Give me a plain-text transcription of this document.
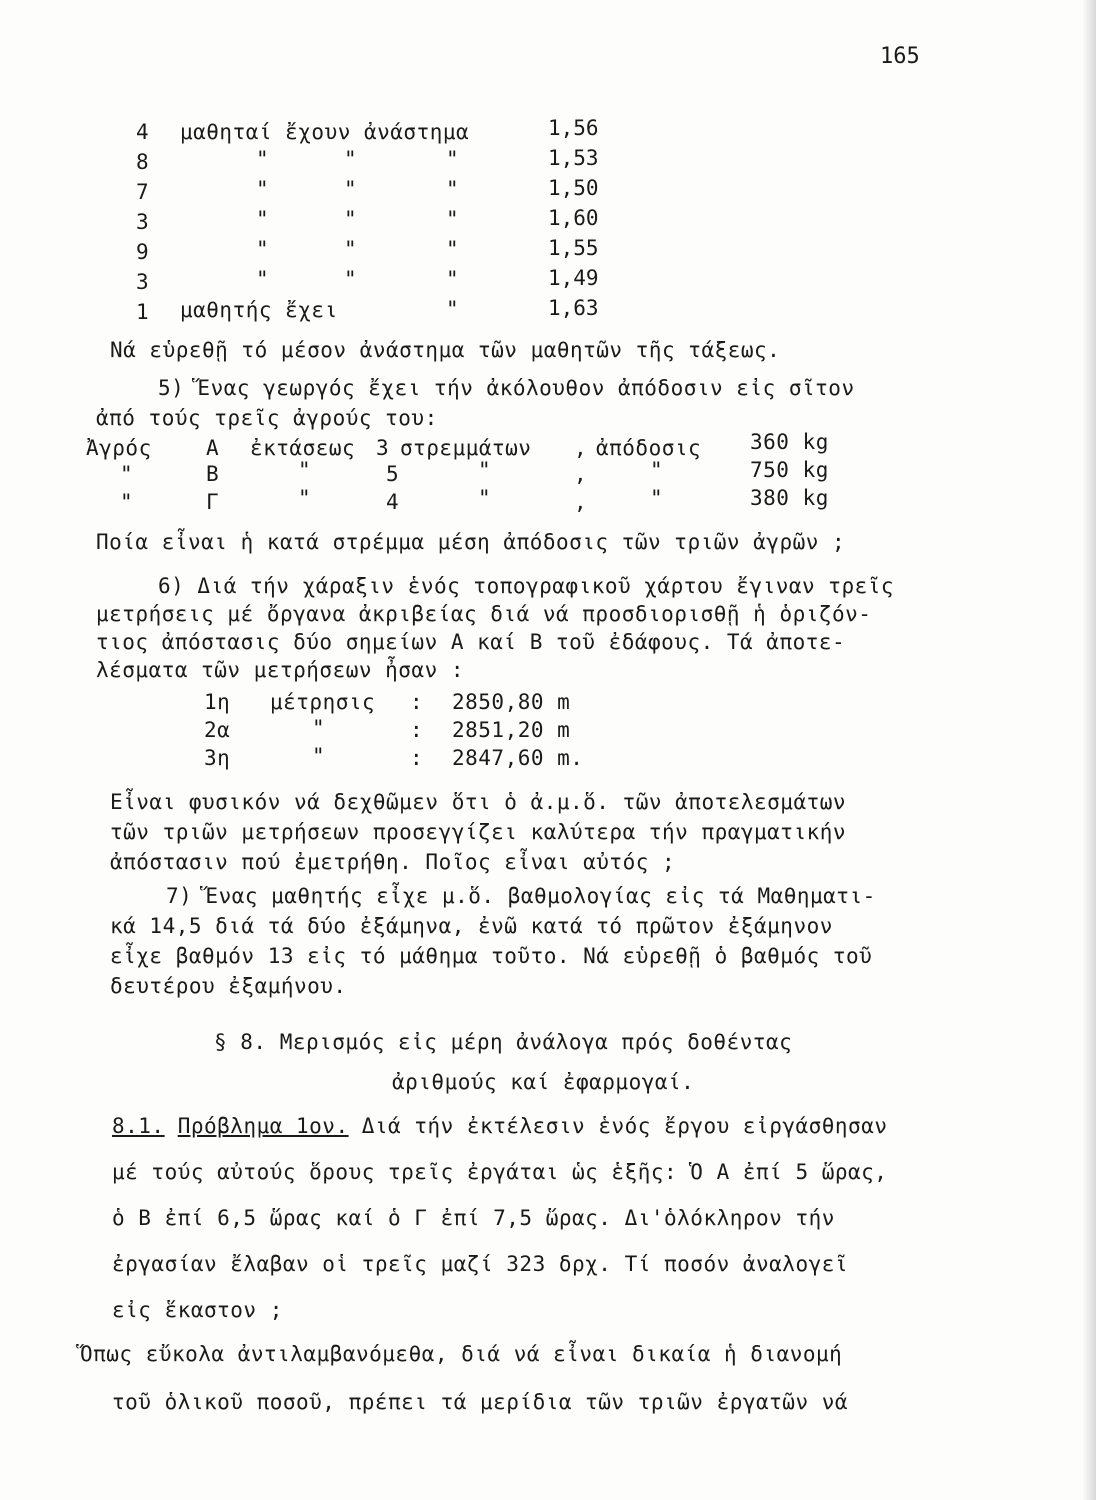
165
4 μαθηταί ἔχουν ἀνάστημα	1,56
8	"	"	"	1,53
7	"	"	"	1,50
3	"	"	"	1,60
9	"	"	"	1,55
3	"	"	"	1,49
1 μαθητής ἔχει	"	1,63
Νά εὑρεθῇ τό μέσον ἀνάστημα τῶν μαθητῶν τῆς τάξεως.
5) Ἕνας γεωργός ἔχει τήν ἀκόλουθον ἀπόδοσιν εἰς σῖτον
ἀπό τούς τρεῖς ἀγρούς του:
Ἀγρός	Α ἐκτάσεως 3 στρεμμάτων , ἀπόδοσις 360 kg
"	Β	"	5	"	,	"	750 kg
"	Γ	"	4	"	,	"	380 kg
Ποία εἶναι ἡ κατά στρέμμα μέση ἀπόδοσις τῶν τριῶν ἀγρῶν ;
6) Διά τήν χάραξιν ἑνός τοπογραφικοῦ χάρτου ἔγιναν τρεῖς
μετρήσεις μέ ὄργανα ἀκριβείας διά νά προσδιορισθῇ ἡ ὁριζόν-
τιος ἀπόστασις δύο σημείων Α καί Β τοῦ ἐδάφους. Τά ἀποτε-
λέσματα τῶν μετρήσεων ἦσαν :
1η μέτρησις : 2850,80 m
2α	"	: 2851,20 m
3η	"	: 2847,60 m.
Εἶναι φυσικόν νά δεχθῶμεν ὅτι ὁ ἀ.μ.ὅ. τῶν ἀποτελεσμάτων
τῶν τριῶν μετρήσεων προσεγγίζει καλύτερα τήν πραγματικήν
ἀπόστασιν πού ἐμετρήθη. Ποῖος εἶναι αὐτός ;
7) Ἕνας μαθητής εἶχε μ.ὅ. βαθμολογίας εἰς τά Μαθηματι-
κά 14,5 διά τά δύο ἐξάμηνα, ἐνῶ κατά τό πρῶτον ἐξάμηνον
εἶχε βαθμόν 13 εἰς τό μάθημα τοῦτο. Νά εὑρεθῇ ὁ βαθμός τοῦ
δευτέρου ἐξαμήνου.
§ 8. Μερισμός εἰς μέρη ἀνάλογα πρός δοθέντας
ἀριθμούς καί ἐφαρμογαί.
8.1. Πρόβλημα 1ον. Διά τήν ἐκτέλεσιν ἑνός ἔργου εἰργάσθησαν
μέ τούς αὐτούς ὅρους τρεῖς ἐργάται ὡς ἑξῆς: Ὁ Α ἐπί 5 ὥρας,
ὁ Β ἐπί 6,5 ὥρας καί ὁ Γ ἐπί 7,5 ὥρας. Δι'ὁλόκληρον τήν
ἐργασίαν ἔλαβαν οἱ τρεῖς μαζί 323 δρχ. Τί ποσόν ἀναλογεῖ
εἰς ἕκαστον ;
Ὅπως εὔκολα ἀντιλαμβανόμεθα, διά νά εἶναι δικαία ἡ διανομή
τοῦ ὁλικοῦ ποσοῦ, πρέπει τά μερίδια τῶν τριῶν ἐργατῶν νά
